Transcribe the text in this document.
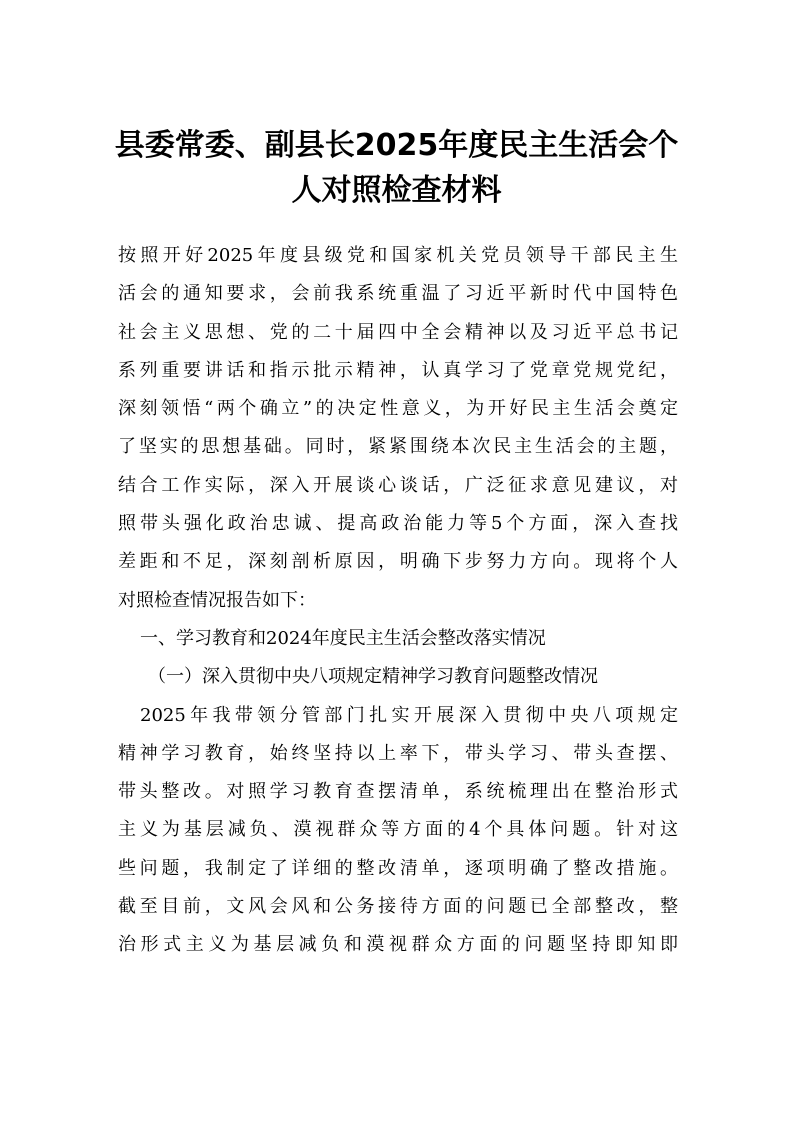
县委常委、副县长2025年度民主生活会个
人对照检查材料
按照开好2025年度县级党和国家机关党员领导干部民主生
活会的通知要求，会前我系统重温了习近平新时代中国特色
社会主义思想、党的二十届四中全会精神以及习近平总书记
系列重要讲话和指示批示精神，认真学习了党章党规党纪，
深刻领悟“两个确立”的决定性意义，为开好民主生活会奠定
了坚实的思想基础。同时，紧紧围绕本次民主生活会的主题，
结合工作实际，深入开展谈心谈话，广泛征求意见建议，对
照带头强化政治忠诚、提高政治能力等5个方面，深入查找
差距和不足，深刻剖析原因，明确下步努力方向。现将个人
对照检查情况报告如下：
一、学习教育和2024年度民主生活会整改落实情况
（一）深入贯彻中央八项规定精神学习教育问题整改情况
2025年我带领分管部门扎实开展深入贯彻中央八项规定
精神学习教育，始终坚持以上率下，带头学习、带头查摆、
带头整改。对照学习教育查摆清单，系统梳理出在整治形式
主义为基层减负、漠视群众等方面的4个具体问题。针对这
些问题，我制定了详细的整改清单，逐项明确了整改措施。
截至目前，文风会风和公务接待方面的问题已全部整改，整
治形式主义为基层减负和漠视群众方面的问题坚持即知即
